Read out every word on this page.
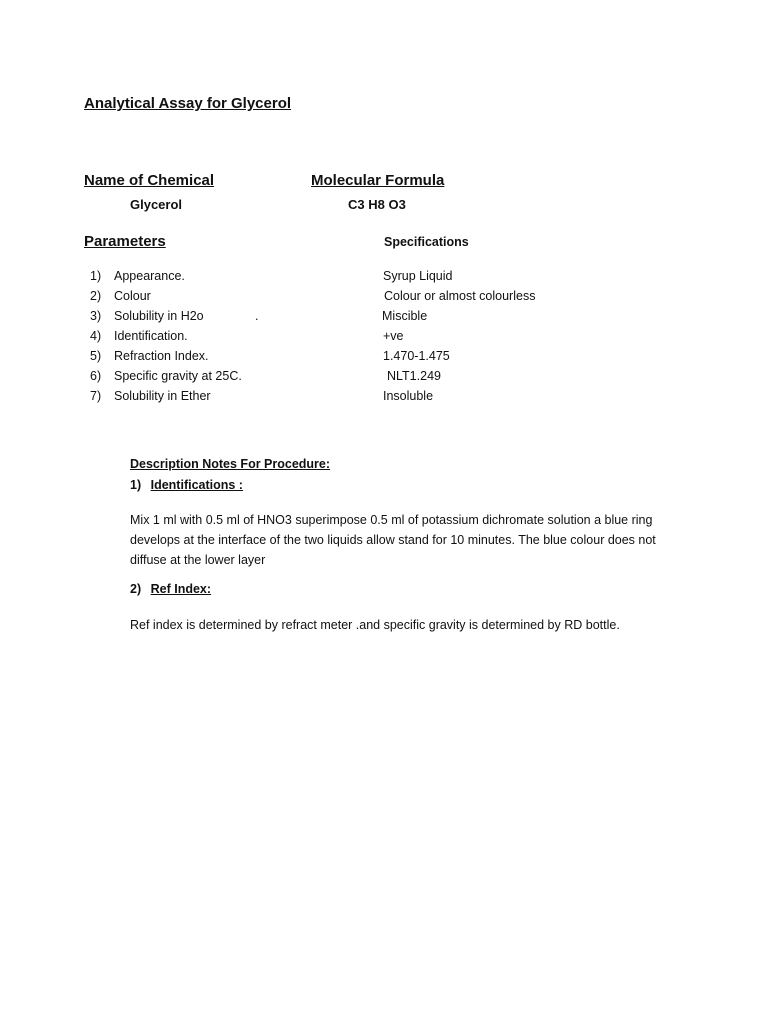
Analytical Assay for Glycerol
Name of Chemical	Molecular Formula
Glycerol	C3 H8 O3
Parameters	Specifications
1) Appearance.	Syrup Liquid
2) Colour	Colour or almost colourless
3) Solubility in H2o	.	Miscible
4) Identification.	+ve
5) Refraction Index.	1.470-1.475
6) Specific gravity at 25C.	NLT1.249
7) Solubility in Ether	Insoluble
Description Notes For Procedure:
1) Identifications :
Mix 1 ml with 0.5 ml of HNO3 superimpose 0.5 ml of potassium dichromate solution a blue ring develops at the interface of the two liquids allow stand for 10 minutes. The blue colour does not diffuse at the lower layer
2) Ref Index:
Ref index is determined by refract meter .and specific gravity is determined by RD bottle.
